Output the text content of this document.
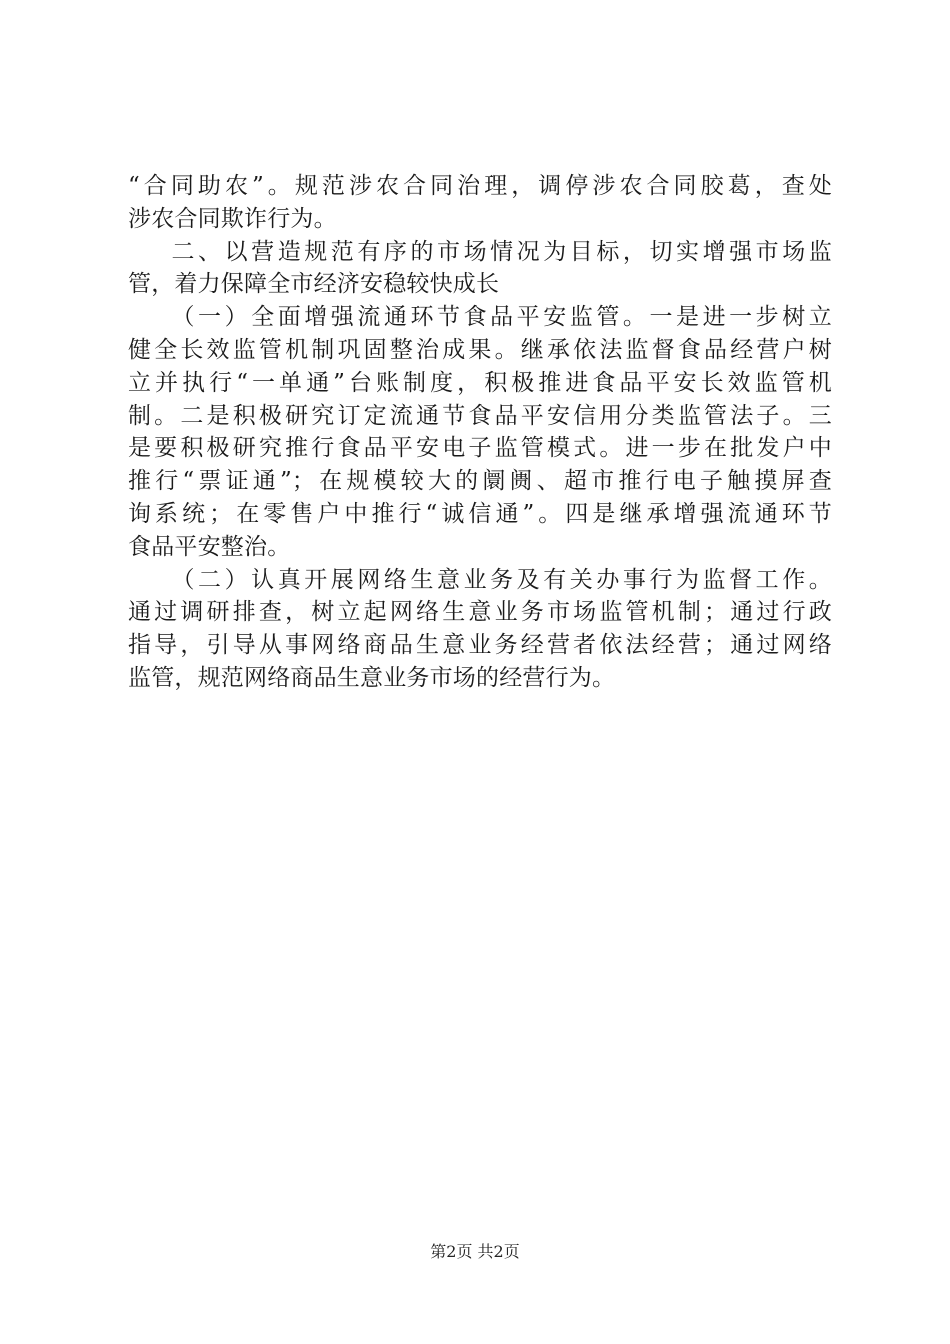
“合同助农”。规范涉农合同治理，调停涉农合同胶葛，查处
涉农合同欺诈行为。
二、以营造规范有序的市场情况为目标，切实增强市场监
管，着力保障全市经济安稳较快成长
（一）全面增强流通环节食品平安监管。一是进一步树立
健全长效监管机制巩固整治成果。继承依法监督食品经营户树
立并执行“一单通”台账制度，积极推进食品平安长效监管机
制。二是积极研究订定流通节食品平安信用分类监管法子。三
是要积极研究推行食品平安电子监管模式。进一步在批发户中
推行“票证通”；在规模较大的阛阓、超市推行电子触摸屏查
询系统；在零售户中推行“诚信通”。四是继承增强流通环节
食品平安整治。
（二）认真开展网络生意业务及有关办事行为监督工作。
通过调研排查，树立起网络生意业务市场监管机制；通过行政
指导，引导从事网络商品生意业务经营者依法经营；通过网络
监管，规范网络商品生意业务市场的经营行为。
第2页 共2页
